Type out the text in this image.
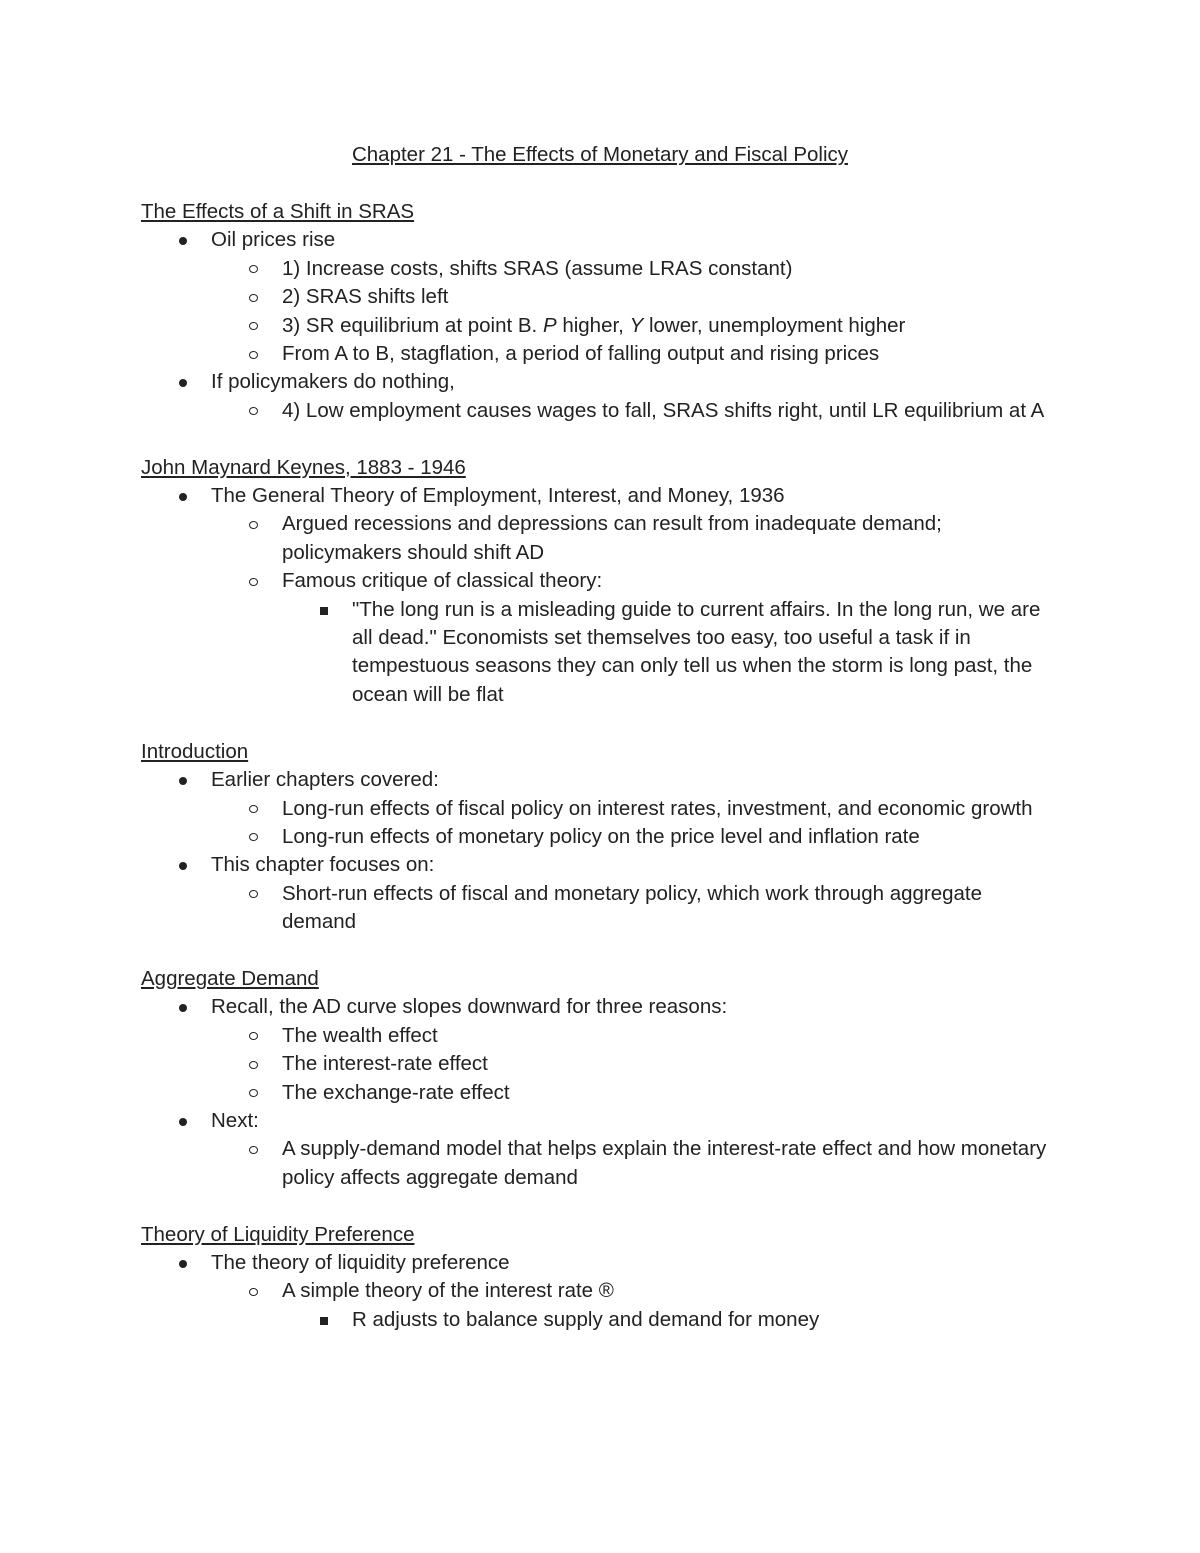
Chapter 21 - The Effects of Monetary and Fiscal Policy

The Effects of a Shift in SRAS

Oil prices rise
1) Increase costs, shifts SRAS (assume LRAS constant)
2) SRAS shifts left
3) SR equilibrium at point B. P higher, Y lower, unemployment higher
From A to B, stagflation, a period of falling output and rising prices
If policymakers do nothing,
4) Low employment causes wages to fall, SRAS shifts right, until LR equilibrium at A

John Maynard Keynes, 1883 - 1946

The General Theory of Employment, Interest, and Money, 1936
Argued recessions and depressions can result from inadequate demand; policymakers should shift AD
Famous critique of classical theory:
"The long run is a misleading guide to current affairs. In the long run, we are all dead." Economists set themselves too easy, too useful a task if in tempestuous seasons they can only tell us when the storm is long past, the ocean will be flat

Introduction

Earlier chapters covered:
Long-run effects of fiscal policy on interest rates, investment, and economic growth
Long-run effects of monetary policy on the price level and inflation rate
This chapter focuses on:
Short-run effects of fiscal and monetary policy, which work through aggregate demand

Aggregate Demand

Recall, the AD curve slopes downward for three reasons:
The wealth effect
The interest-rate effect
The exchange-rate effect
Next:
A supply-demand model that helps explain the interest-rate effect and how monetary policy affects aggregate demand

Theory of Liquidity Preference

The theory of liquidity preference
A simple theory of the interest rate ®
R adjusts to balance supply and demand for money
